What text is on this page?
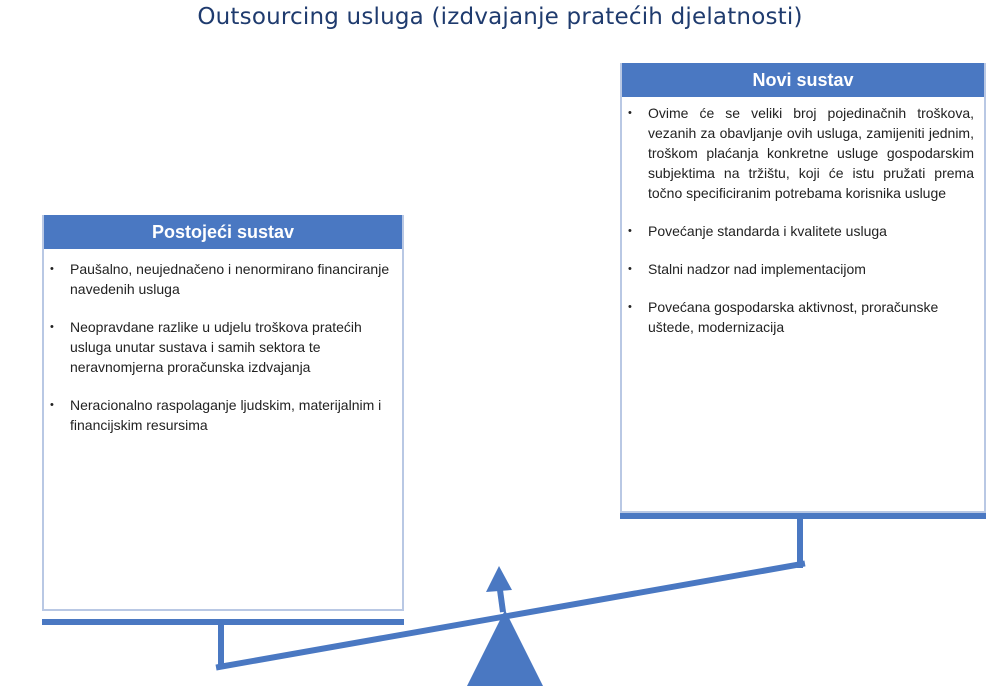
Outsourcing usluga (izdvajanje pratećih djelatnosti)
Postojeći sustav
• Paušalno, neujednačeno i nenormirano financiranje navedenih usluga
• Neopravdane razlike u udjelu troškova pratećih usluga unutar sustava i samih sektora te neravnomjerna proračunska izdvajanja
• Neracionalno raspolaganje ljudskim, materijalnim i financijskim resursima
Novi sustav
• Ovime će se veliki broj pojedinačnih troškova, vezanih za obavljanje ovih usluga, zamijeniti jednim, troškom plaćanja konkretne usluge gospodarskim subjektima na tržištu, koji će istu pružati prema točno specificiranim potrebama korisnika usluge
• Povećanje standarda i kvalitete usluga
• Stalni nadzor nad implementacijom
• Povećana gospodarska aktivnost, proračunske uštede, modernizacija
